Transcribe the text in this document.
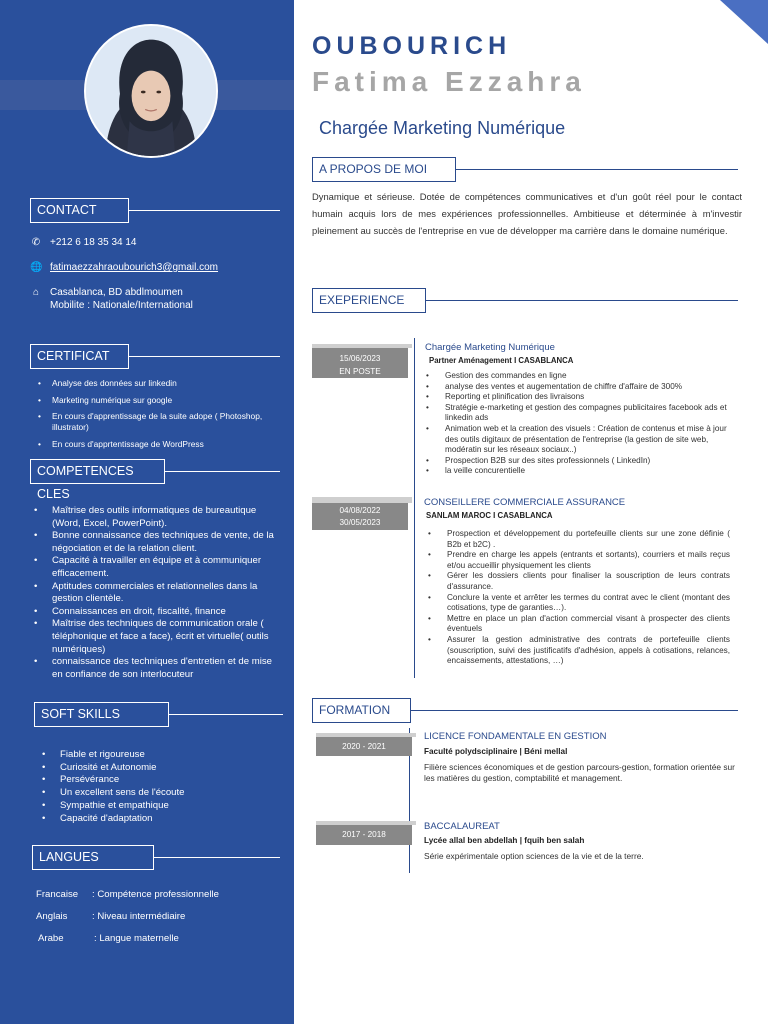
CONTACT
✆ +212 6 18 35 34 14
🌐 fatimaezzahraoubourich3@gmail.com
⌂ Casablanca, BD abdlmoumen
Mobilite : Nationale/International
CERTIFICAT
• Analyse des données sur linkedin
• Marketing numérique sur google
• En cours d'apprentissage de la suite adope ( Photoshop, illustrator)
• En cours d'apprtentissage de WordPress
COMPETENCES CLES
• Maîtrise des outils informatiques de bureautique (Word, Excel, PowerPoint).
• Bonne connaissance des techniques de vente, de la négociation et de la relation client.
• Capacité à travailler en équipe et à communiquer efficacement.
• Aptitudes commerciales et relationnelles dans la gestion clientèle.
• Connaissances en droit, fiscalité, finance
• Maîtrise des techniques de communication orale ( téléphonique et face a face), écrit et virtuelle( outils numériques)
• connaissance des techniques d'entretien et de mise en confiance de son interlocuteur
SOFT SKILLS
• Fiable et rigoureuse
• Curiosité et Autonomie
• Persévérance
• Un excellent sens de l'écoute
• Sympathie et empathique
• Capacité d'adaptation
LANGUES
Francaise : Compétence professionnelle
Anglais	: Niveau intermédiaire
Arabe	: Langue maternelle
OUBOURICH
Fatima Ezzahra
Chargée Marketing Numérique
A PROPOS DE MOI
Dynamique et sérieuse. Dotée de compétences communicatives et d'un goût réel pour le contact humain acquis lors de mes expériences professionnelles. Ambitieuse et déterminée à m'investir pleinement au succès de l'entreprise en vue de développer ma carrière dans le domaine numérique.
EXEPERIENCE
15/06/2023
EN POSTE
Chargée Marketing Numérique
Partner Aménagement I CASABLANCA
• Gestion des commandes en ligne
• analyse des ventes et augementation de chiffre d'affaire de 300%
• Reporting et plinification des livraisons
• Stratégie e-marketing et gestion des compagnes publicitaires facebook ads et linkedin ads
• Animation web et la creation des visuels : Création de contenus et mise à jour des outils digitaux de présentation de l'entreprise (la gestion de site web, modératin sur les réseaux sociaux..)
• Prospection B2B sur des sites professionnels ( LinkedIn)
• la veille concurentielle
04/08/2022
30/05/2023
CONSEILLERE COMMERCIALE ASSURANCE
SANLAM MAROC I CASABLANCA
• Prospection et développement du portefeuille clients sur une zone définie ( B2b et b2C) .
• Prendre en charge les appels (entrants et sortants), courriers et mails reçus et/ou accueillir physiquement les clients
• Gérer les dossiers clients pour finaliser la souscription de leurs contrats d'assurance.
• Conclure la vente et arrêter les termes du contrat avec le client (montant des cotisations, type de garanties…).
• Mettre en place un plan d'action commercial visant à prospecter des clients éventuels
• Assurer la gestion administrative des contrats de portefeuille clients (souscription, suivi des justificatifs d'adhésion, appels à cotisations, relances, encaissements, attestations, …)
FORMATION
2020 - 2021
LICENCE FONDAMENTALE EN GESTION
Faculté polydsciplinaire | Béni mellal
Filière sciences économiques et de gestion parcours-gestion, formation orientée sur les matières du gestion, comptabilité et management.
2017 - 2018
BACCALAUREAT
Lycée allal ben abdellah | fquih ben salah
Série expérimentale option sciences de la vie et de la terre.
